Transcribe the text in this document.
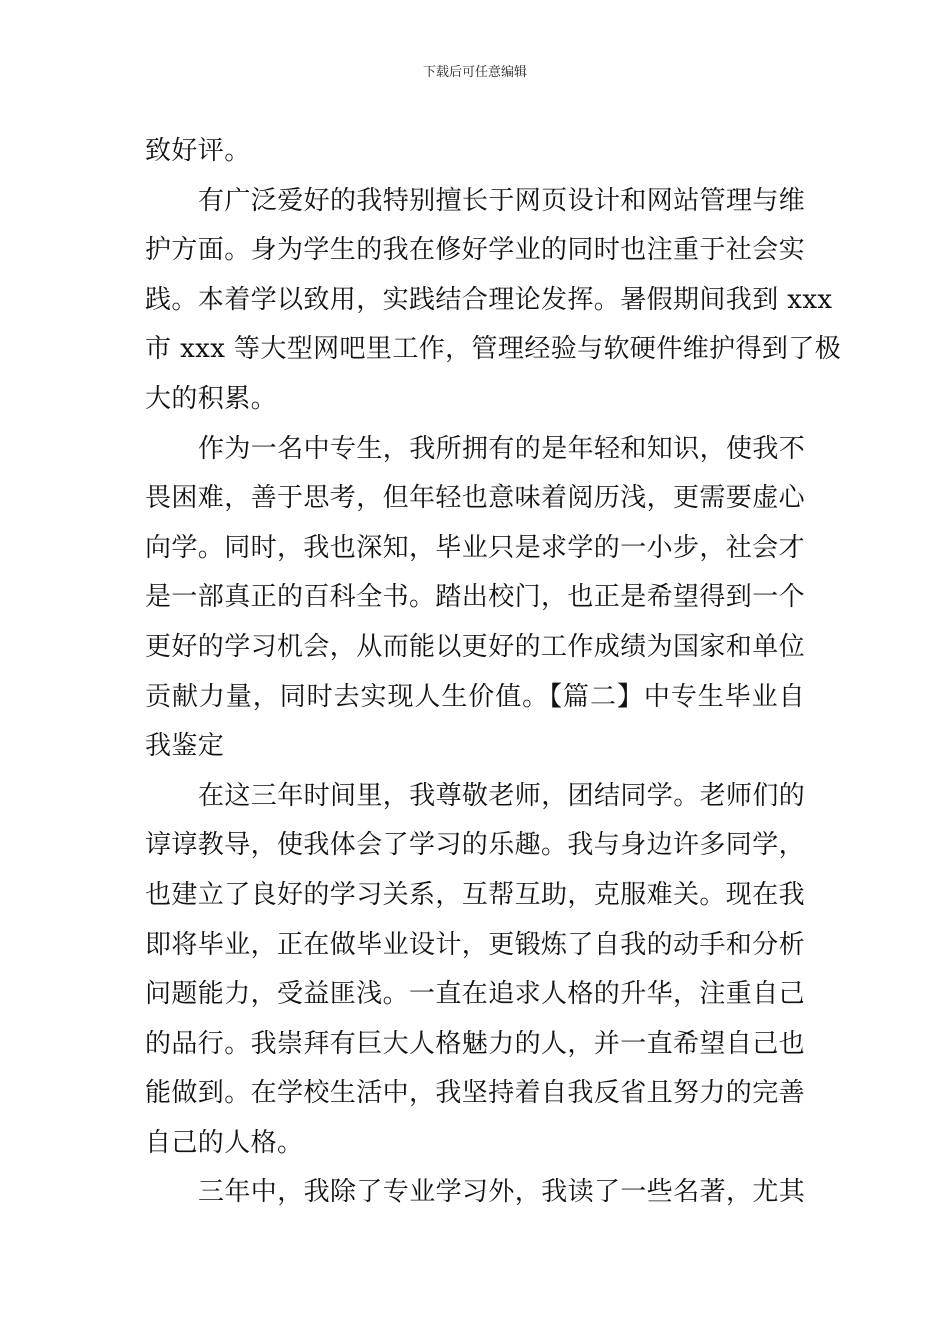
下载后可任意编辑
致好评。
有广泛爱好的我特别擅长于网页设计和网站管理与维
护方面。身为学生的我在修好学业的同时也注重于社会实
践。本着学以致用，实践结合理论发挥。暑假期间我到 xxx
市 xxx 等大型网吧里工作，管理经验与软硬件维护得到了极
大的积累。
作为一名中专生，我所拥有的是年轻和知识，使我不
畏困难，善于思考，但年轻也意味着阅历浅，更需要虚心
向学。同时，我也深知，毕业只是求学的一小步，社会才
是一部真正的百科全书。踏出校门，也正是希望得到一个
更好的学习机会，从而能以更好的工作成绩为国家和单位
贡献力量，同时去实现人生价值。【篇二】中专生毕业自
我鉴定
在这三年时间里，我尊敬老师，团结同学。老师们的
谆谆教导，使我体会了学习的乐趣。我与身边许多同学，
也建立了良好的学习关系，互帮互助，克服难关。现在我
即将毕业，正在做毕业设计，更锻炼了自我的动手和分析
问题能力，受益匪浅。一直在追求人格的升华，注重自己
的品行。我崇拜有巨大人格魅力的人，并一直希望自己也
能做到。在学校生活中，我坚持着自我反省且努力的完善
自己的人格。
三年中，我除了专业学习外，我读了一些名著，尤其
